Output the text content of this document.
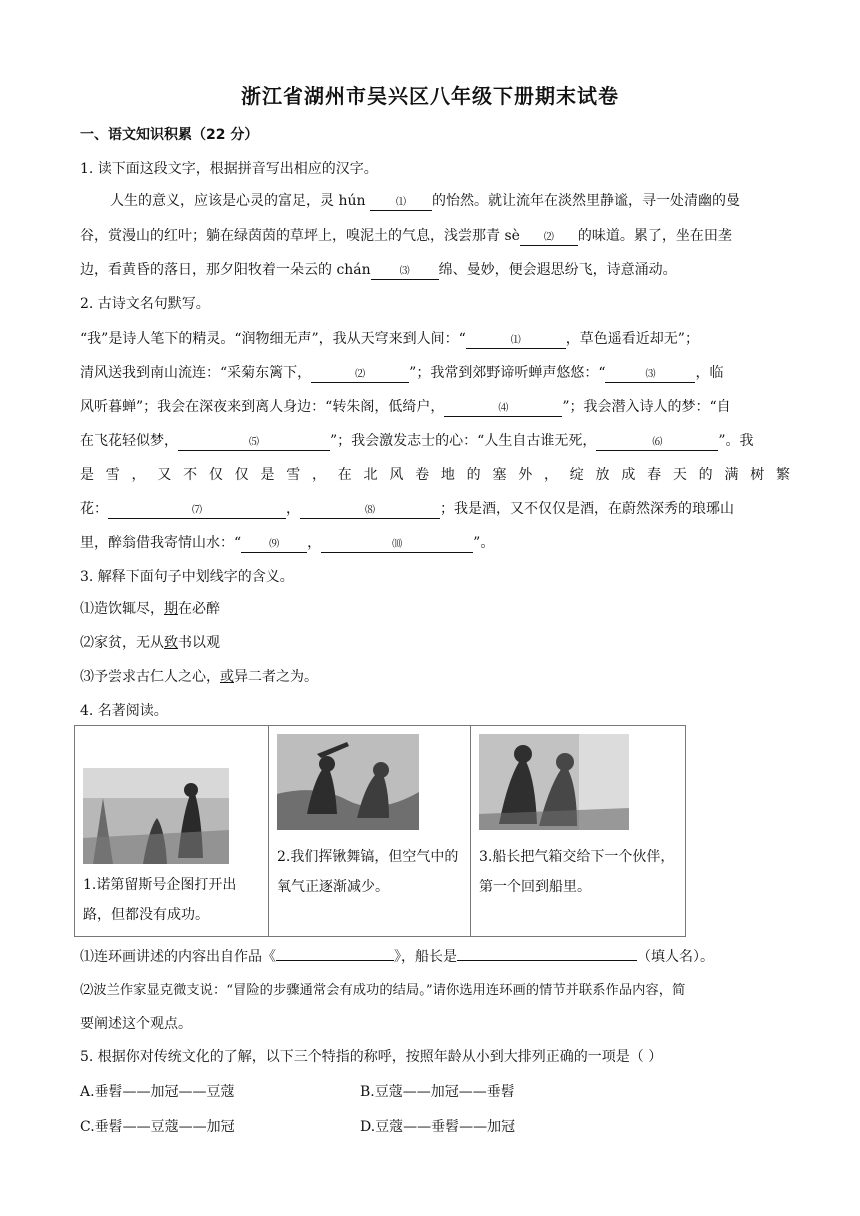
浙江省湖州市吴兴区八年级下册期末试卷
一、语文知识积累（22 分）
1. 读下面这段文字，根据拼音写出相应的汉字。
人生的意义，应该是心灵的富足，灵 hún	⑴ 的怡然。就让流年在淡然里静谧，寻一处清幽的曼
谷，赏漫山的红叶；躺在绿茵茵的草坪上，嗅泥土的气息，浅尝那青 sè ⑵ 的味道。累了，坐在田垄
边，看黄昏的落日，那夕阳牧着一朵云的 chán	⑶ 绵、曼妙，便会遐思纷飞，诗意涌动。
2. 古诗文名句默写。
“我”是诗人笔下的精灵。“润物细无声”，我从天穹来到人间：“	⑴	，草色遥看近却无”；
清风送我到南山流连：“采菊东篱下，	⑵	”；我常到郊野谛听蝉声悠悠：“	⑶	，临
风听暮蝉”；我会在深夜来到离人身边：“转朱阁，低绮户，	⑷	”；我会潜入诗人的梦：“自
在飞花轻似梦，	⑸	”；我会激发志士的心：“人生自古谁无死，	⑹	”。我
是雪，又不仅仅是雪，在北风卷地的塞外，绽放成春天的满树繁
花：	⑺	，	⑻	；我是酒，又不仅仅是酒，在蔚然深秀的琅琊山
里，醉翁借我寄情山水：“	⑼ ，	⑽	”。
3. 解释下面句子中划线字的含义。
⑴造饮辄尽，期在必醉
⑵家贫，无从致书以观
⑶予尝求古仁人之心，或异二者之为。
4. 名著阅读。
1.诺第留斯号企图打开出路，但都没有成功。
2.我们挥锹舞镐，但空气中的氧气正逐渐减少。
3.船长把气箱交给下一个伙伴，第一个回到船里。
⑴连环画讲述的内容出自作品《	》，船长是	（填人名）。
⑵波兰作家显克微支说：“冒险的步骤通常会有成功的结局。”请你选用连环画的情节并联系作品内容，简
要阐述这个观点。
5. 根据你对传统文化的了解，以下三个特指的称呼，按照年龄从小到大排列正确的一项是（ ）
A.垂髫——加冠——豆蔻	B.豆蔻——加冠——垂髫
C.垂髫——豆蔻——加冠	D.豆蔻——垂髫——加冠
